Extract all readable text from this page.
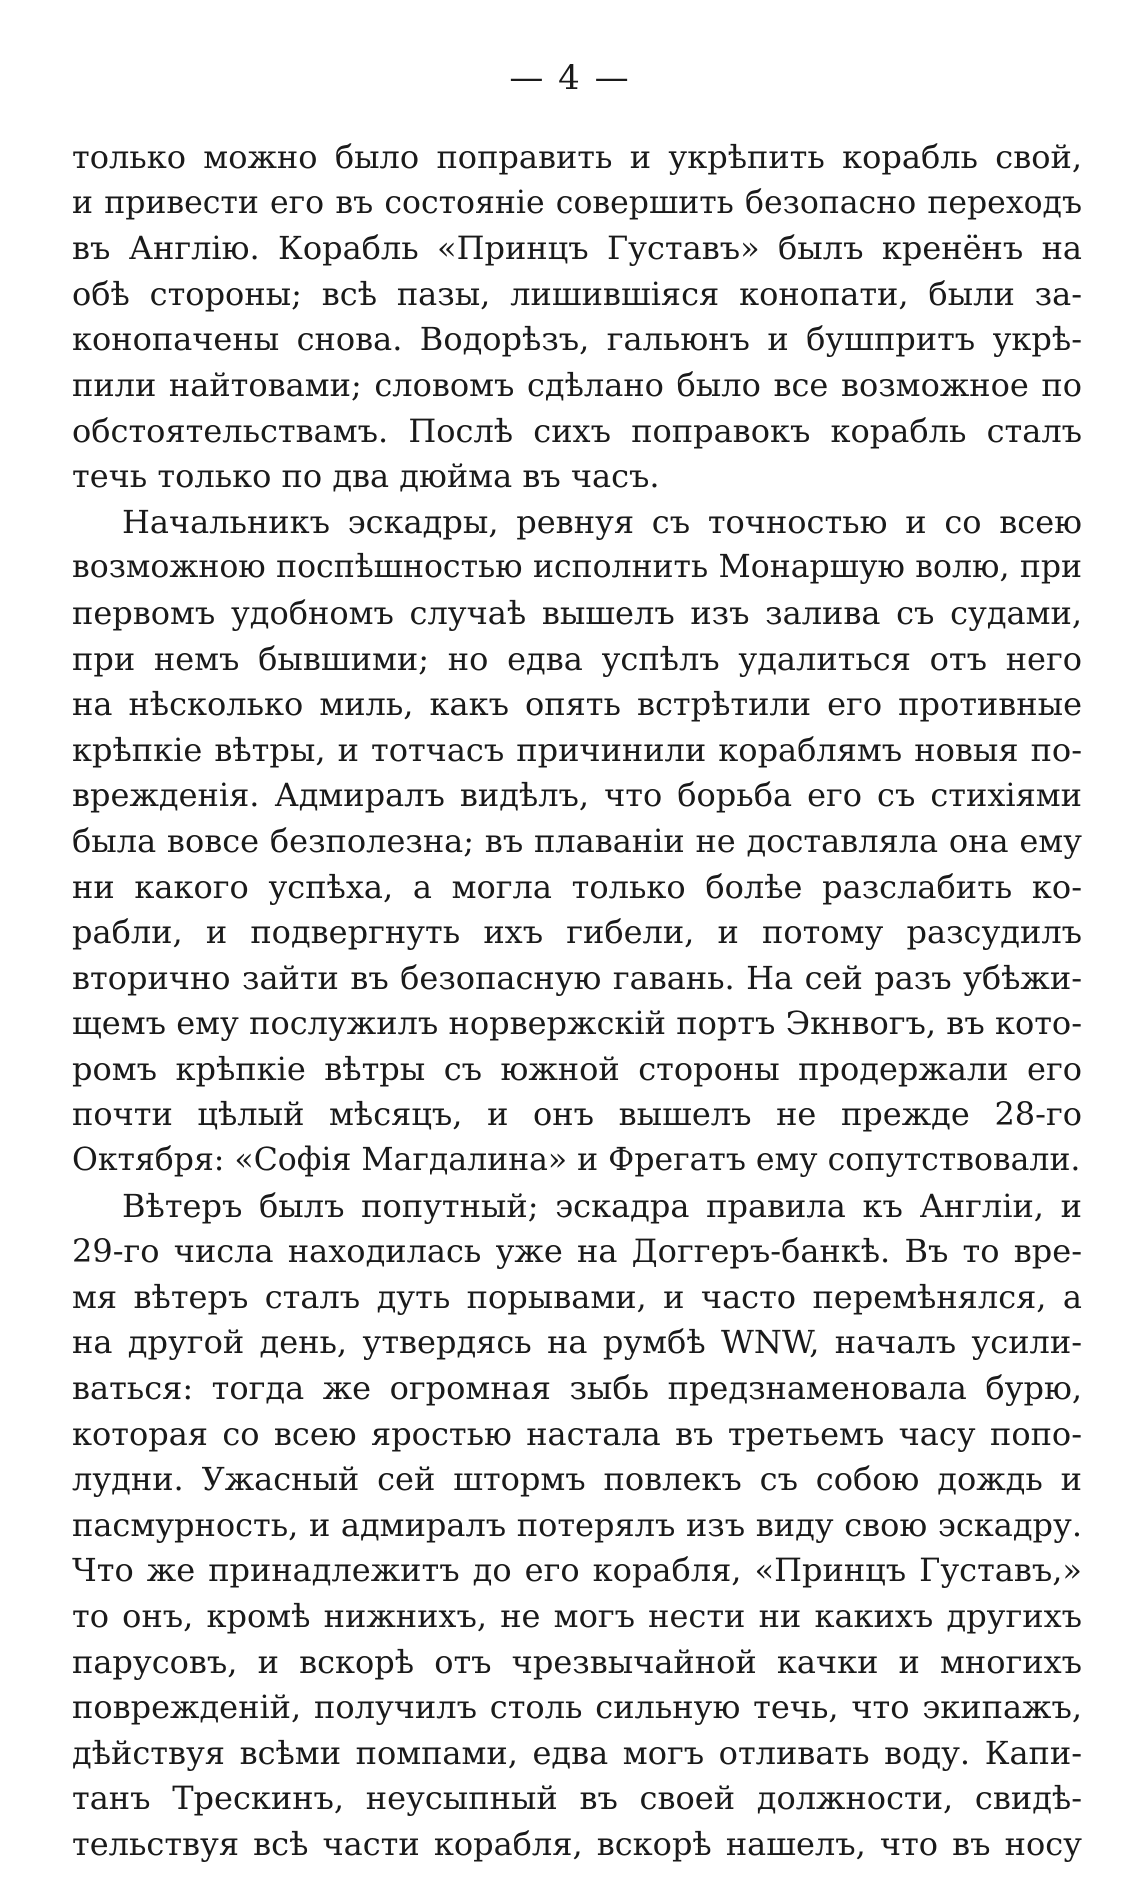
— 4 —
только можно было поправить и укрѣпить корабль свой,
и привести его въ состояніе совершить безопасно переходъ
въ Англію. Корабль «Принцъ Густавъ» былъ кренёнъ на
обѣ стороны; всѣ пазы, лишившіяся конопати, были за-
конопачены снова. Водорѣзъ, гальюнъ и бушпритъ укрѣ-
пили найтовами; словомъ сдѣлано было все возможное по
обстоятельствамъ. Послѣ сихъ поправокъ корабль сталъ
течь только по два дюйма въ часъ.
Начальникъ эскадры, ревнуя съ точностью и со всею
возможною поспѣшностью исполнить Монаршую волю, при
первомъ удобномъ случаѣ вышелъ изъ залива съ судами,
при немъ бывшими; но едва успѣлъ удалиться отъ него
на нѣсколько миль, какъ опять встрѣтили его противные
крѣпкіе вѣтры, и тотчасъ причинили кораблямъ новыя по-
врежденія. Адмиралъ видѣлъ, что борьба его съ стихіями
была вовсе безполезна; въ плаваніи не доставляла она ему
ни какого успѣха, а могла только болѣе разслабить ко-
рабли, и подвергнуть ихъ гибели, и потому разсудилъ
вторично зайти въ безопасную гавань. На сей разъ убѣжи-
щемъ ему послужилъ норвержскій портъ Экнвогъ, въ кото-
ромъ крѣпкіе вѣтры съ южной стороны продержали его
почти цѣлый мѣсяцъ, и онъ вышелъ не прежде 28-го
Октября: «Софія Магдалина» и Фрегатъ ему сопутствовали.
Вѣтеръ былъ попутный; эскадра правила къ Англіи, и
29-го числа находилась уже на Доггеръ-банкѣ. Въ то вре-
мя вѣтеръ сталъ дуть порывами, и часто перемѣнялся, а
на другой день, утвердясь на румбѣ WNW, началъ усили-
ваться: тогда же огромная зыбь предзнаменовала бурю,
которая со всею яростью настала въ третьемъ часу попо-
лудни. Ужасный сей штормъ повлекъ съ собою дождь и
пасмурность, и адмиралъ потерялъ изъ виду свою эскадру.
Что же принадлежитъ до его корабля, «Принцъ Густавъ,»
то онъ, кромѣ нижнихъ, не могъ нести ни какихъ другихъ
парусовъ, и вскорѣ отъ чрезвычайной качки и многихъ
поврежденій, получилъ столь сильную течь, что экипажъ,
дѣйствуя всѣми помпами, едва могъ отливать воду. Капи-
танъ Трескинъ, неусыпный въ своей должности, свидѣ-
тельствуя всѣ части корабля, вскорѣ нашелъ, что въ носу
